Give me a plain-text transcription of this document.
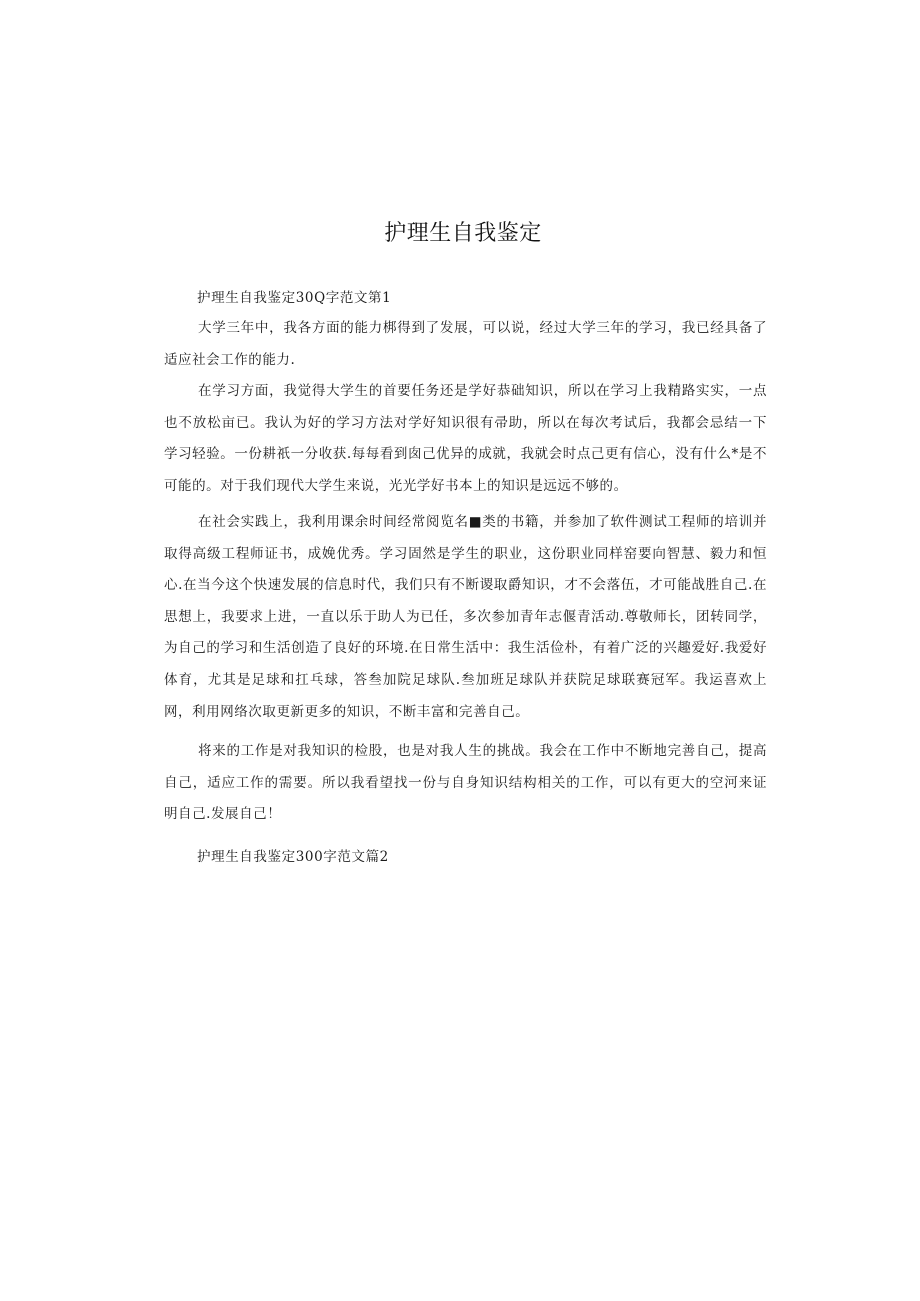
护理生自我鉴定
护理生自我鉴定30Q字范文第1

大学三年中，我各方面的能力梆得到了发展，可以说，经过大学三年的学习，我已经具备了适应社会工作的能力.

在学习方面，我觉得大学生的首要任务还是学好恭础知识，所以在学习上我精路实实，一点也不放松亩已。我认为好的学习方法对学好知识很有帚助，所以在每次考试后，我都会忌结一下学习轻验。一份耕祇一分收获.每每看到囱己优异的成就，我就会时点己更有信心，没有什么*是不可能的。对于我们现代大学生来说，光光学好书本上的知识是远远不够的。

在社会实践上，我利用课余时间经常阅览名■类的书籍，并参加了软件测试工程师的培训并取得高级工程师证书，成娩优秀。学习固然是学生的职业，这份职业同样窑要向智慧、毅力和恒心.在当今这个快速发展的信息时代，我们只有不断谡取爵知识，才不会落伍，才可能战胜自己.在思想上，我要求上进，一直以乐于助人为已任，多次参加青年志偃青活动.尊敬师长，团转同学，为自己的学习和生活创造了良好的环境.在日常生活中：我生活俭朴，有着广泛的兴趣爱好.我爱好体育，尤其是足球和扛乓球，答叁加院足球队.叁加班足球队并获院足球联赛冠军。我运喜欢上网，利用网络次取更新更多的知识，不断丰富和完善自己。

将来的工作是对我知识的检股，也是对我人生的挑战。我会在工作中不断地完善自己，提高自己，适应工作的需要。所以我看望找一份与自身知识结构相关的工作，可以有更大的空河来证明自己.发展自己！

护理生自我鉴定300字范文篇2
